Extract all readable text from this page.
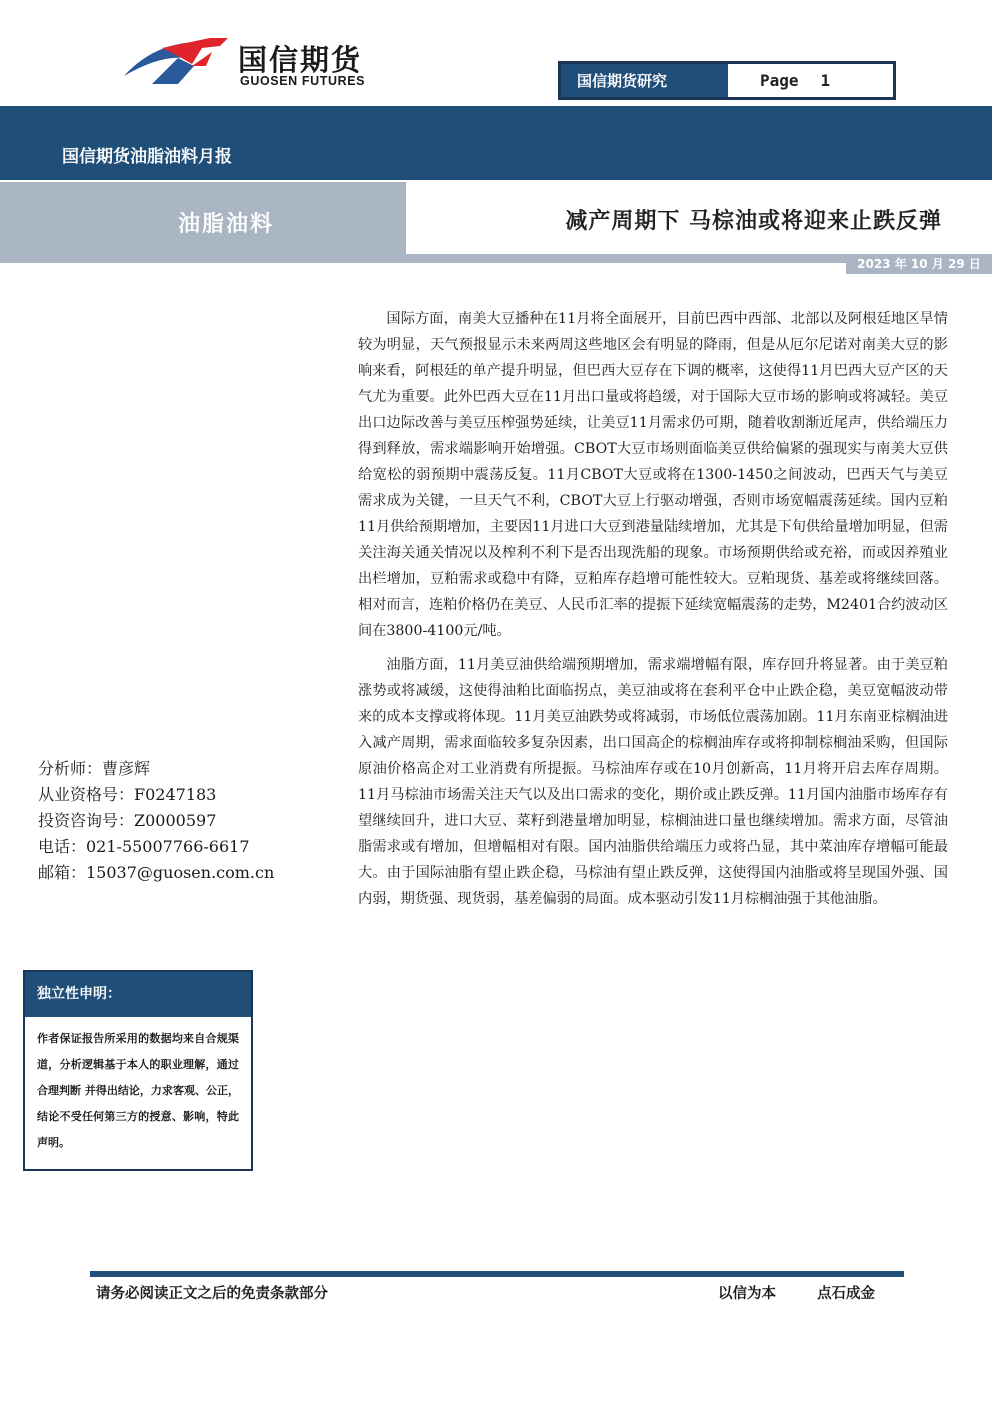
国信期货
GUOSEN FUTURES	国信期货研究	Page 1
国信期货油脂油料月报
油脂油料	减产周期下 马棕油或将迎来止跌反弹
2023 年 10 月 29 日

国际方面，南美大豆播种在11月将全面展开，目前巴西中西部、北部以及阿根廷地区旱情较为明显，天气预报显示未来两周这些地区会有明显的降雨，但是从厄尔尼诺对南美大豆的影响来看，阿根廷的单产提升明显，但巴西大豆存在下调的概率，这使得11月巴西大豆产区的天气尤为重要。此外巴西大豆在11月出口量或将趋缓，对于国际大豆市场的影响或将减轻。美豆出口边际改善与美豆压榨强势延续，让美豆11月需求仍可期，随着收割渐近尾声，供给端压力得到释放，需求端影响开始增强。CBOT大豆市场则面临美豆供给偏紧的强现实与南美大豆供给宽松的弱预期中震荡反复。11月CBOT大豆或将在1300-1450之间波动，巴西天气与美豆需求成为关键，一旦天气不利，CBOT大豆上行驱动增强，否则市场宽幅震荡延续。国内豆粕11月供给预期增加，主要因11月进口大豆到港量陆续增加，尤其是下旬供给量增加明显，但需关注海关通关情况以及榨利不利下是否出现洗船的现象。市场预期供给或充裕，而或因养殖业出栏增加，豆粕需求或稳中有降，豆粕库存趋增可能性较大。豆粕现货、基差或将继续回落。相对而言，连粕价格仍在美豆、人民币汇率的提振下延续宽幅震荡的走势，M2401合约波动区间在3800-4100元/吨。

油脂方面，11月美豆油供给端预期增加，需求端增幅有限，库存回升将显著。由于美豆粕涨势或将减缓，这使得油粕比面临拐点，美豆油或将在套利平仓中止跌企稳，美豆宽幅波动带来的成本支撑或将体现。11月美豆油跌势或将减弱，市场低位震荡加剧。11月东南亚棕榈油进入减产周期，需求面临较多复杂因素，出口国高企的棕榈油库存或将抑制棕榈油采购，但国际原油价格高企对工业消费有所提振。马棕油库存或在10月创新高，11月将开启去库存周期。11月马棕油市场需关注天气以及出口需求的变化，期价或止跌反弹。11月国内油脂市场库存有望继续回升，进口大豆、菜籽到港量增加明显，棕榈油进口量也继续增加。需求方面，尽管油脂需求或有增加，但增幅相对有限。国内油脂供给端压力或将凸显，其中菜油库存增幅可能最大。由于国际油脂有望止跌企稳，马棕油有望止跌反弹，这使得国内油脂或将呈现国外强、国内弱，期货强、现货弱，基差偏弱的局面。成本驱动引发11月棕榈油强于其他油脂。

分析师：曹彦辉
从业资格号：F0247183
投资咨询号：Z0000597
电话：021-55007766-6617
邮箱：15037@guosen.com.cn
独立性申明：
作者保证报告所采用的数据均来自合规渠道，分析逻辑基于本人的职业理解，通过合理判断 并得出结论，力求客观、公正，结论不受任何第三方的授意、影响，特此声明。
请务必阅读正文之后的免责条款部分	以信为本	点石成金
